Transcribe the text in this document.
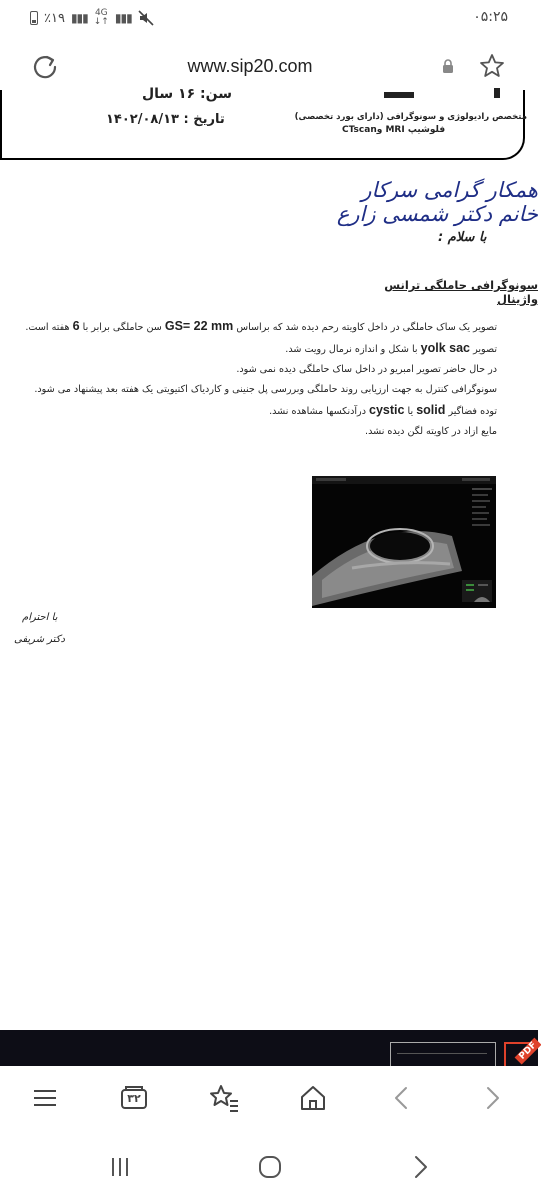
٪۱۹ ▮▮▮ 4G
↓↑ ▮▮▮	۰۵:۲۵
www.sip20.com
سن: ۱۶ سال
تاریخ : ۱۴۰۲/۰۸/۱۳	متخصص رادیولوژی و سونوگرافی (دارای بورد تخصصی)
فلوشیپ MRI وCTscan
همکار گرامی سرکار خانم دکتر شمسی زارع
با سلام :
سونوگرافی حاملگی ترانس واژینال
تصویر یک ساک حاملگی در داخل کاویته رحم دیده شد که براساس GS= 22 mm سن حاملگی برابر با 6 هفته است.
تصویر yolk sac با شکل و اندازه نرمال رویت شد.
در حال حاضر تصویر امبریو در داخل ساک حاملگی دیده نمی شود.
سونوگرافی کنترل به جهت ارزیابی روند حاملگی وبررسی پل جنینی و کاردیاک اکتیویتی یک هفته بعد پیشنهاد می شود.
توده فضاگیر solid یا cystic درآدنکسها مشاهده نشد.
مایع ازاد در کاویته لگن دیده نشد.
با احترام
دکتر شریفی
PDF
۳۲
